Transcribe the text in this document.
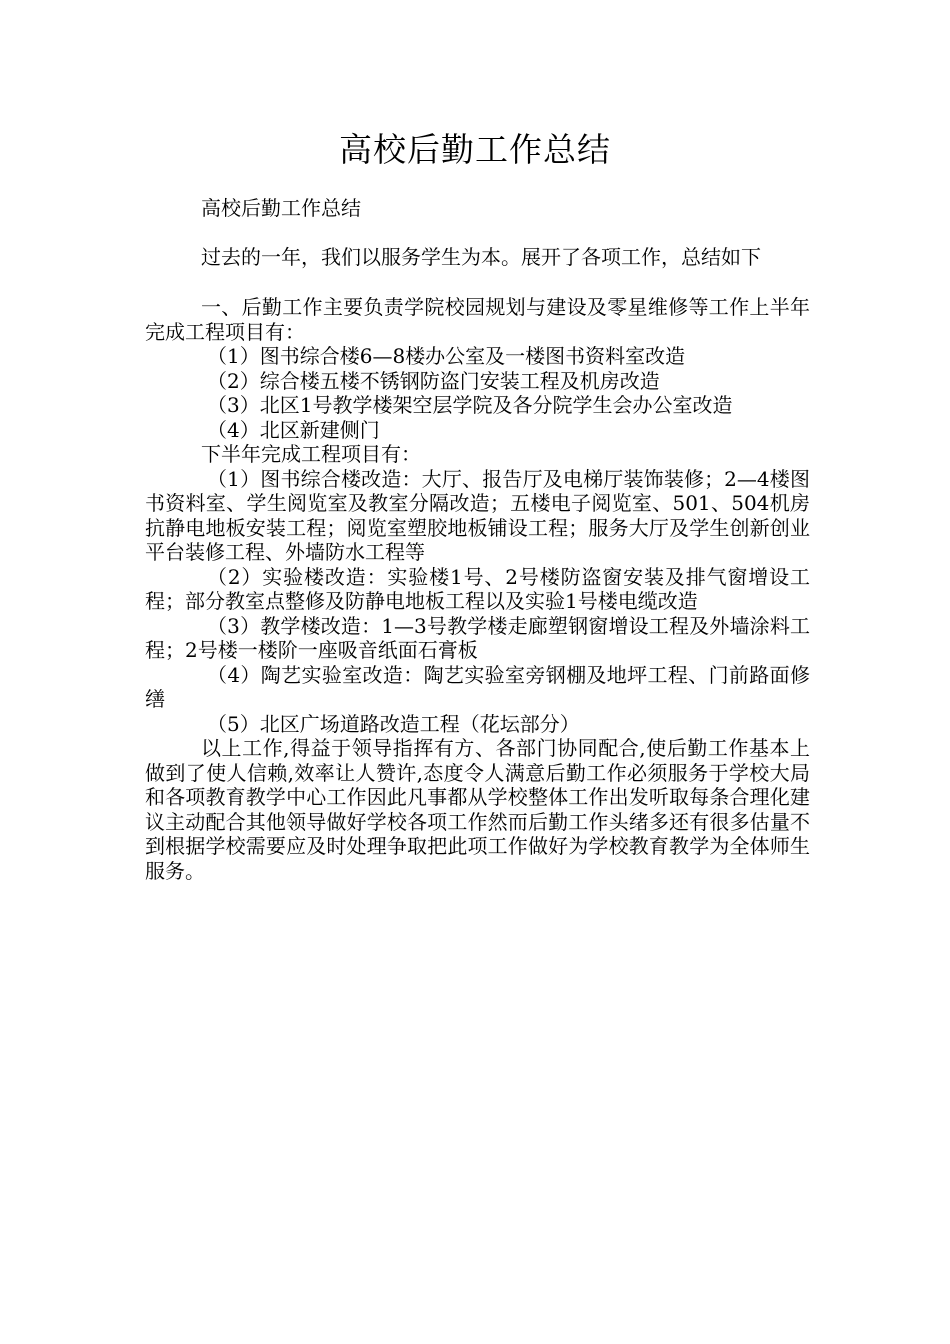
高校后勤工作总结

高校后勤工作总结

过去的一年，我们以服务学生为本。展开了各项工作，总结如下

一、后勤工作主要负责学院校园规划与建设及零星维修等工作上半年完成工程项目有：

（1）图书综合楼6—8楼办公室及一楼图书资料室改造

（2）综合楼五楼不锈钢防盗门安装工程及机房改造

（3）北区1号教学楼架空层学院及各分院学生会办公室改造

（4）北区新建侧门

下半年完成工程项目有：

（1）图书综合楼改造：大厅、报告厅及电梯厅装饰装修；2—4楼图书资料室、学生阅览室及教室分隔改造；五楼电子阅览室、501、504机房抗静电地板安装工程；阅览室塑胶地板铺设工程；服务大厅及学生创新创业平台装修工程、外墙防水工程等

（2）实验楼改造：实验楼1号、2号楼防盗窗安装及排气窗增设工程；部分教室点整修及防静电地板工程以及实验1号楼电缆改造

（3）教学楼改造：1—3号教学楼走廊塑钢窗增设工程及外墙涂料工程；2号楼一楼阶一座吸音纸面石膏板

（4）陶艺实验室改造：陶艺实验室旁钢棚及地坪工程、门前路面修缮

（5）北区广场道路改造工程（花坛部分）

以上工作,得益于领导指挥有方、各部门协同配合,使后勤工作基本上做到了使人信赖,效率让人赞许,态度令人满意后勤工作必须服务于学校大局和各项教育教学中心工作因此凡事都从学校整体工作出发听取每条合理化建议主动配合其他领导做好学校各项工作然而后勤工作头绪多还有很多估量不到根据学校需要应及时处理争取把此项工作做好为学校教育教学为全体师生服务。
